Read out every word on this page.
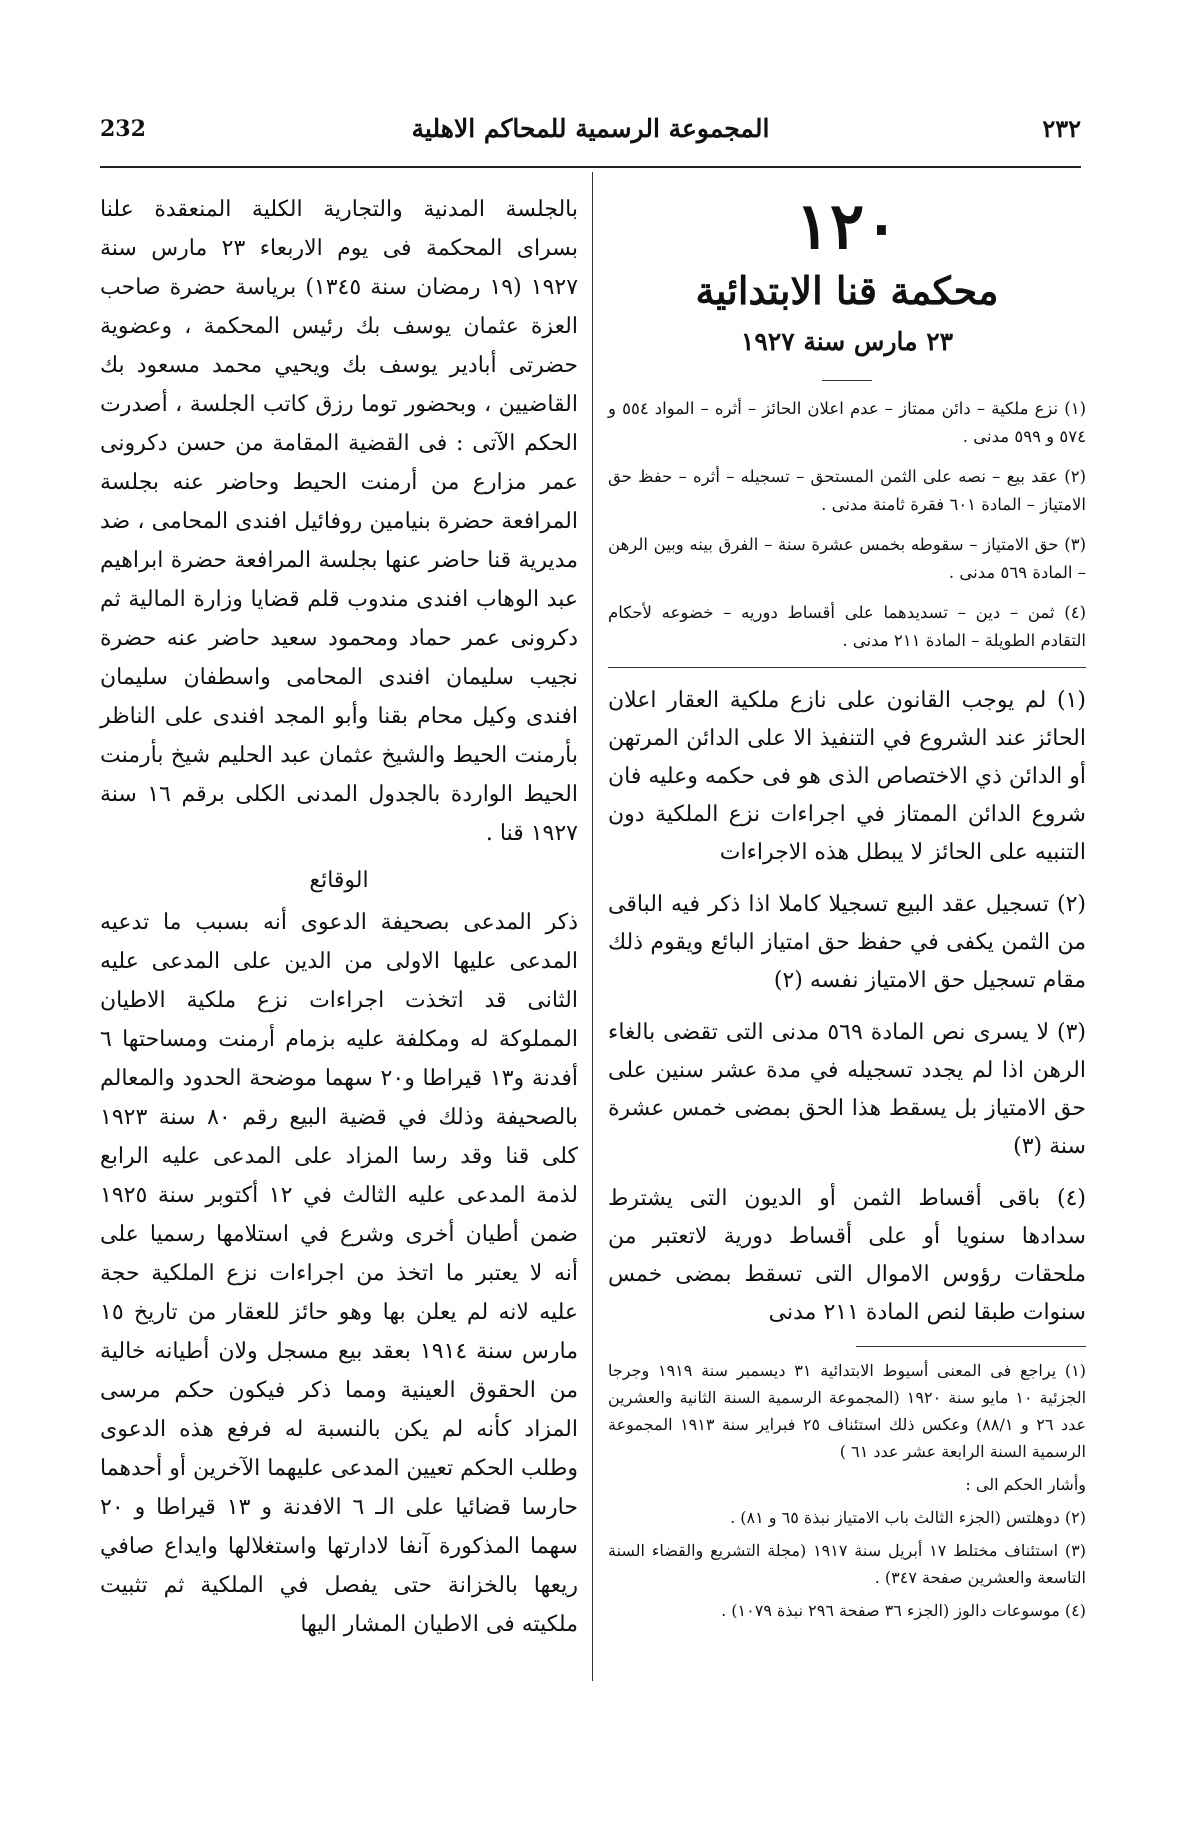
232	المجموعة الرسمية للمحاكم الاهلية	٢٣٢
١٢٠
محكمة قنا الابتدائية
٢٣ مارس سنة ١٩٢٧

(١) نزع ملكية – دائن ممتاز – عدم اعلان الحائز – أثره – المواد ٥٥٤ و ٥٧٤ و ٥٩٩ مدنى .

(٢) عقد بيع – نصه على الثمن المستحق – تسجيله – أثره – حفظ حق الامتياز – المادة ٦٠١ فقرة ثامنة مدنى .

(٣) حق الامتياز – سقوطه بخمس عشرة سنة – الفرق بينه وبين الرهن – المادة ٥٦٩ مدنى .

(٤) ثمن – دين – تسديدهما على أقساط دوريه – خضوعه لأحكام التقادم الطويلة – المادة ٢١١ مدنى .

(١) لم يوجب القانون على نازع ملكية العقار اعلان الحائز عند الشروع في التنفيذ الا على الدائن المرتهن أو الدائن ذي الاختصاص الذى هو فى حكمه وعليه فان شروع الدائن الممتاز في اجراءات نزع الملكية دون التنبيه على الحائز لا يبطل هذه الاجراءات

(٢) تسجيل عقد البيع تسجيلا كاملا اذا ذكر فيه الباقى من الثمن يكفى في حفظ حق امتياز البائع ويقوم ذلك مقام تسجيل حق الامتياز نفسه (٢)

(٣) لا يسرى نص المادة ٥٦٩ مدنى التى تقضى بالغاء الرهن اذا لم يجدد تسجيله في مدة عشر سنين على حق الامتياز بل يسقط هذا الحق بمضى خمس عشرة سنة (٣)

(٤) باقى أقساط الثمن أو الديون التى يشترط سدادها سنويا أو على أقساط دورية لاتعتبر من ملحقات رؤوس الاموال التى تسقط بمضى خمس سنوات طبقا لنص المادة ٢١١ مدنى

(١) يراجع فى المعنى أسيوط الابتدائية ٣١ ديسمبر سنة ١٩١٩ وجرجا الجزئية ١٠ مايو سنة ١٩٢٠ (المجموعة الرسمية السنة الثانية والعشرين عدد ٢٦ و ٨٨/١) وعكس ذلك استئناف ٢٥ فبراير سنة ١٩١٣ المجموعة الرسمية السنة الرابعة عشر عدد ٦١ )

وأشار الحكم الى :

(٢) دوهلتس (الجزء الثالث باب الامتياز نبذة ٦٥ و ٨١) .

(٣) استئناف مختلط ١٧ أبريل سنة ١٩١٧ (مجلة التشريع والقضاء السنة التاسعة والعشرين صفحة ٣٤٧) .

(٤) موسوعات دالوز (الجزء ٣٦ صفحة ٢٩٦ نبذة ١٠٧٩) .

بالجلسة المدنية والتجارية الكلية المنعقدة علنا بسراى المحكمة فى يوم الاربعاء ٢٣ مارس سنة ١٩٢٧ (١٩ رمضان سنة ١٣٤٥) برياسة حضرة صاحب العزة عثمان يوسف بك رئيس المحكمة ، وعضوية حضرتى أبادير يوسف بك ويحيي محمد مسعود بك القاضيين ، وبحضور توما رزق كاتب الجلسة ، أصدرت الحكم الآتى : فى القضية المقامة من حسن دكرونى عمر مزارع من أرمنت الحيط وحاضر عنه بجلسة المرافعة حضرة بنيامين روفائيل افندى المحامى ، ضد مديرية قنا حاضر عنها بجلسة المرافعة حضرة ابراهيم عبد الوهاب افندى مندوب قلم قضايا وزارة المالية ثم دكرونى عمر حماد ومحمود سعيد حاضر عنه حضرة نجيب سليمان افندى المحامى واسطفان سليمان افندى وكيل محام بقنا وأبو المجد افندى على الناظر بأرمنت الحيط والشيخ عثمان عبد الحليم شيخ بأرمنت الحيط الواردة بالجدول المدنى الكلى برقم ١٦ سنة ١٩٢٧ قنا .

الوقائع

ذكر المدعى بصحيفة الدعوى أنه بسبب ما تدعيه المدعى عليها الاولى من الدين على المدعى عليه الثانى قد اتخذت اجراءات نزع ملكية الاطيان المملوكة له ومكلفة عليه بزمام أرمنت ومساحتها ٦ أفدنة و١٣ قيراطا و٢٠ سهما موضحة الحدود والمعالم بالصحيفة وذلك في قضية البيع رقم ٨٠ سنة ١٩٢٣ كلى قنا وقد رسا المزاد على المدعى عليه الرابع لذمة المدعى عليه الثالث في ١٢ أكتوبر سنة ١٩٢٥ ضمن أطيان أخرى وشرع في استلامها رسميا على أنه لا يعتبر ما اتخذ من اجراءات نزع الملكية حجة عليه لانه لم يعلن بها وهو حائز للعقار من تاريخ ١٥ مارس سنة ١٩١٤ بعقد بيع مسجل ولان أطيانه خالية من الحقوق العينية ومما ذكر فيكون حكم مرسى المزاد كأنه لم يكن بالنسبة له فرفع هذه الدعوى وطلب الحكم تعيين المدعى عليهما الآخرين أو أحدهما حارسا قضائيا على الـ ٦ الافدنة و ١٣ قيراطا و ٢٠ سهما المذكورة آنفا لادارتها واستغلالها وايداع صافي ريعها بالخزانة حتى يفصل في الملكية ثم تثبيت ملكيته فى الاطيان المشار اليها
